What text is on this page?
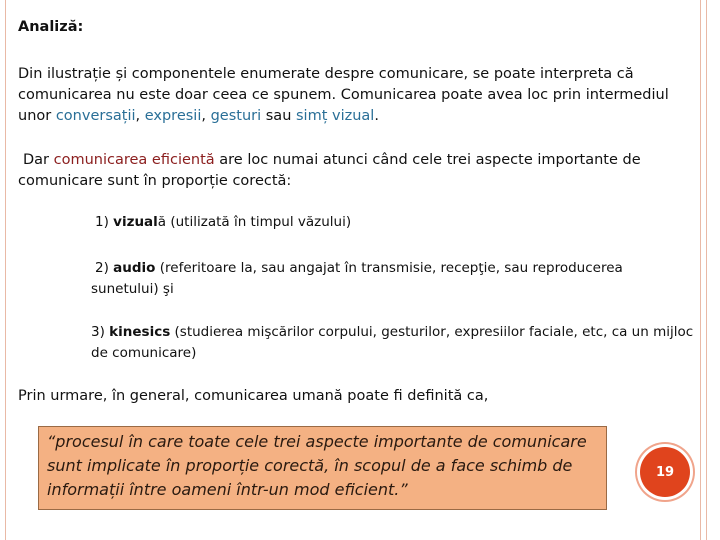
Analiză:
Din ilustrație și componentele enumerate despre comunicare, se poate interpreta că comunicarea nu este doar ceea ce spunem. Comunicarea poate avea loc prin intermediul unor conversații, expresii, gesturi sau simț vizual.
Dar comunicarea eficientă are loc numai atunci când cele trei aspecte importante de comunicare sunt în proporție corectă:
1) vizuală (utilizată în timpul văzului)
2) audio (referitoare la, sau angajat în transmisie, recepţie, sau reproducerea sunetului) şi
3) kinesics (studierea mişcărilor corpului, gesturilor, expresiilor faciale, etc, ca un mijloc de comunicare)
Prin urmare, în general, comunicarea umană poate fi definită ca,
“procesul în care toate cele trei aspecte importante de comunicare sunt implicate în proporție corectă, în scopul de a face schimb de informații între oameni într-un mod eficient.”
19
